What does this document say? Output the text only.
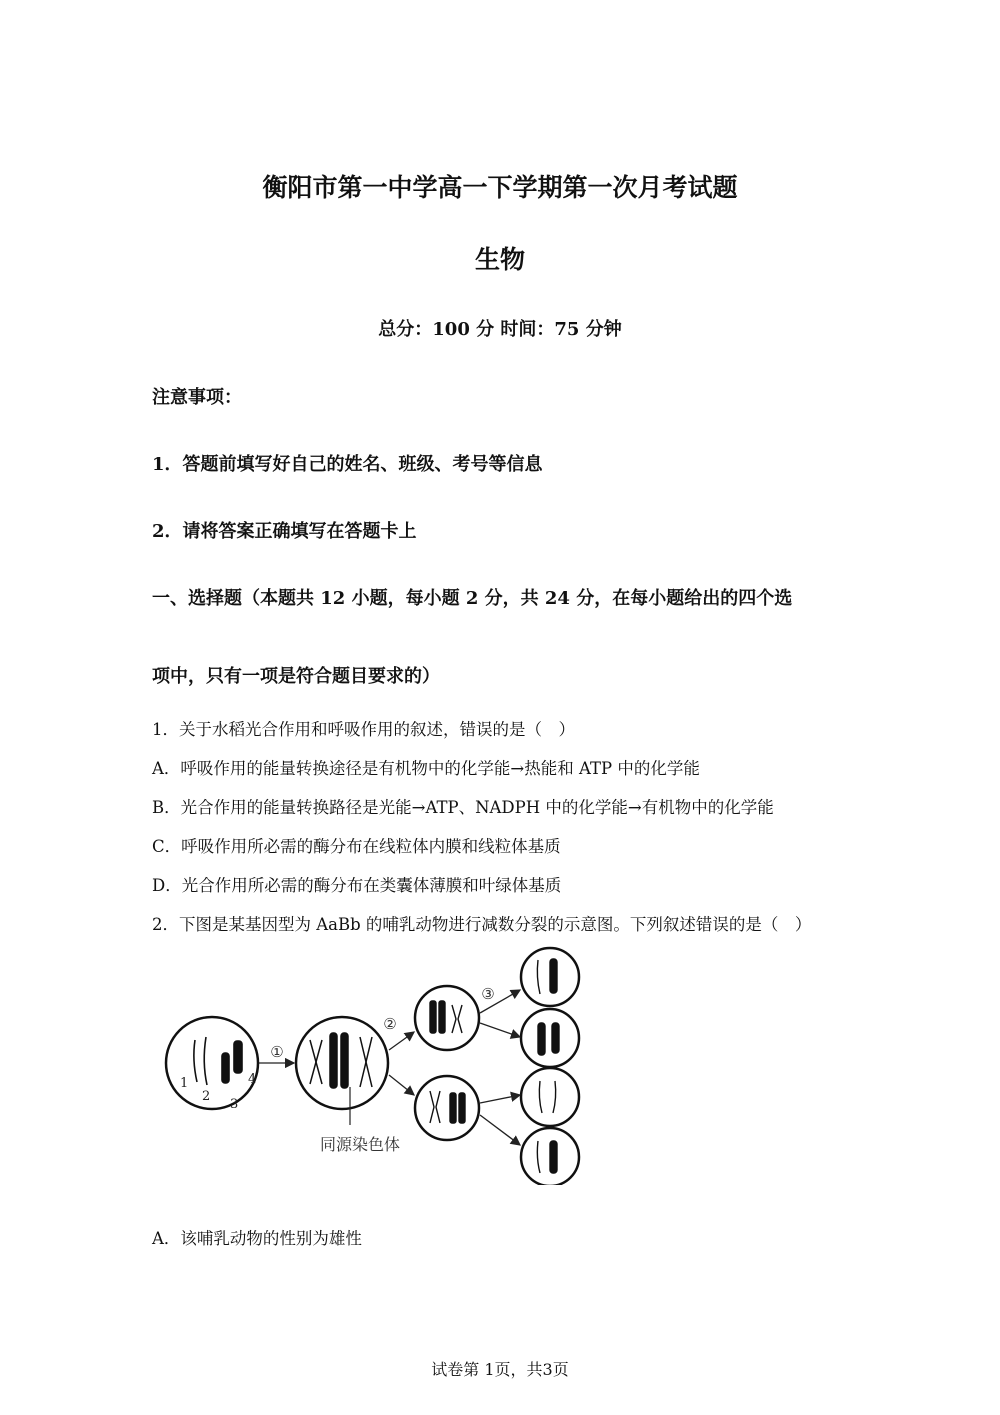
衡阳市第一中学高一下学期第一次月考试题
生物
总分：100 分 时间：75 分钟
注意事项：
1．答题前填写好自己的姓名、班级、考号等信息
2．请将答案正确填写在答题卡上
一、选择题（本题共 12 小题，每小题 2 分，共 24 分，在每小题给出的四个选
项中，只有一项是符合题目要求的）
1．关于水稻光合作用和呼吸作用的叙述，错误的是（　）
A．呼吸作用的能量转换途径是有机物中的化学能→热能和 ATP 中的化学能
B．光合作用的能量转换路径是光能→ATP、NADPH 中的化学能→有机物中的化学能
C．呼吸作用所必需的酶分布在线粒体内膜和线粒体基质
D．光合作用所必需的酶分布在类囊体薄膜和叶绿体基质
2．下图是某基因型为 AaBb 的哺乳动物进行减数分裂的示意图。下列叙述错误的是（　）
①
②
③
1
2
3
4
同源染色体
A．该哺乳动物的性别为雄性
试卷第 1页，共3页
